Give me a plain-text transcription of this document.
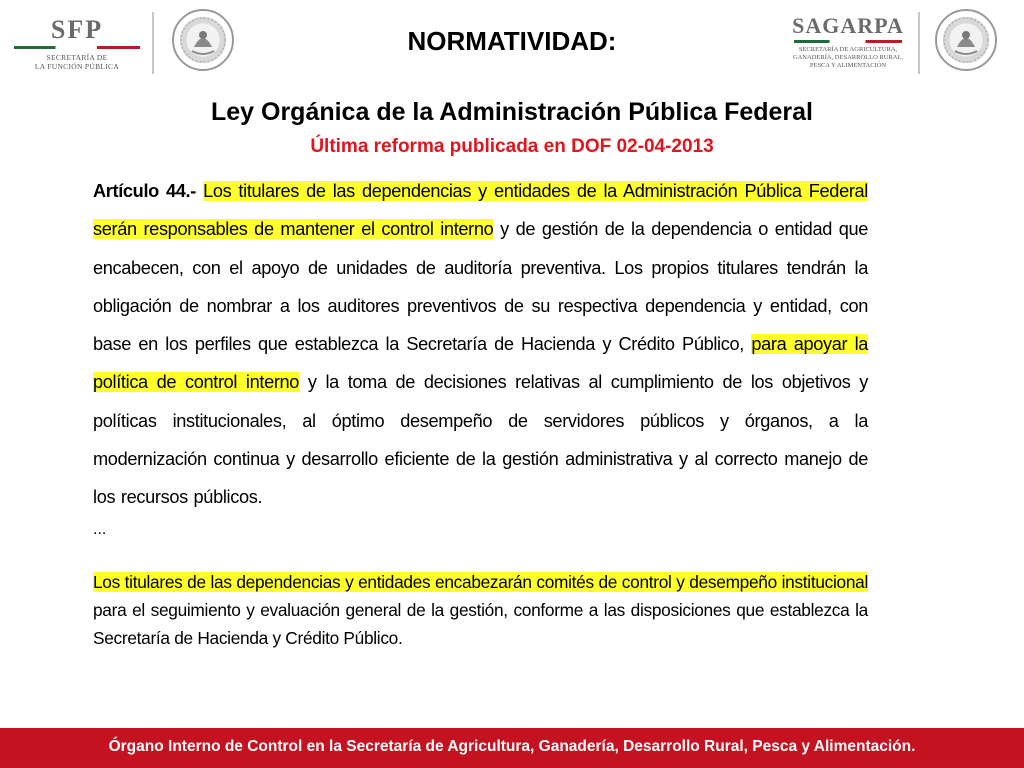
SFP
SECRETARÍA DE
LA FUNCIÓN PÚBLICA
NORMATIVIDAD:
SAGARPA
SECRETARÍA DE AGRICULTURA,
GANADERÍA, DESARROLLO RURAL,
PESCA Y ALIMENTACIÓN
Ley Orgánica de la Administración Pública Federal
Última reforma publicada en DOF 02-04-2013
Artículo 44.- Los titulares de las dependencias y entidades de la Administración Pública Federal serán responsables de mantener el control interno y de gestión de la dependencia o entidad que encabecen, con el apoyo de unidades de auditoría preventiva. Los propios titulares tendrán la obligación de nombrar a los auditores preventivos de su respectiva dependencia y entidad, con base en los perfiles que establezca la Secretaría de Hacienda y Crédito Público, para apoyar la política de control interno y la toma de decisiones relativas al cumplimiento de los objetivos y políticas institucionales, al óptimo desempeño de servidores públicos y órganos, a la modernización continua y desarrollo eficiente de la gestión administrativa y al correcto manejo de los recursos públicos.
...
Los titulares de las dependencias y entidades encabezarán comités de control y desempeño institucional para el seguimiento y evaluación general de la gestión, conforme a las disposiciones que establezca la Secretaría de Hacienda y Crédito Público.
Órgano Interno de Control en la Secretaría de Agricultura, Ganadería, Desarrollo Rural, Pesca y Alimentación.
